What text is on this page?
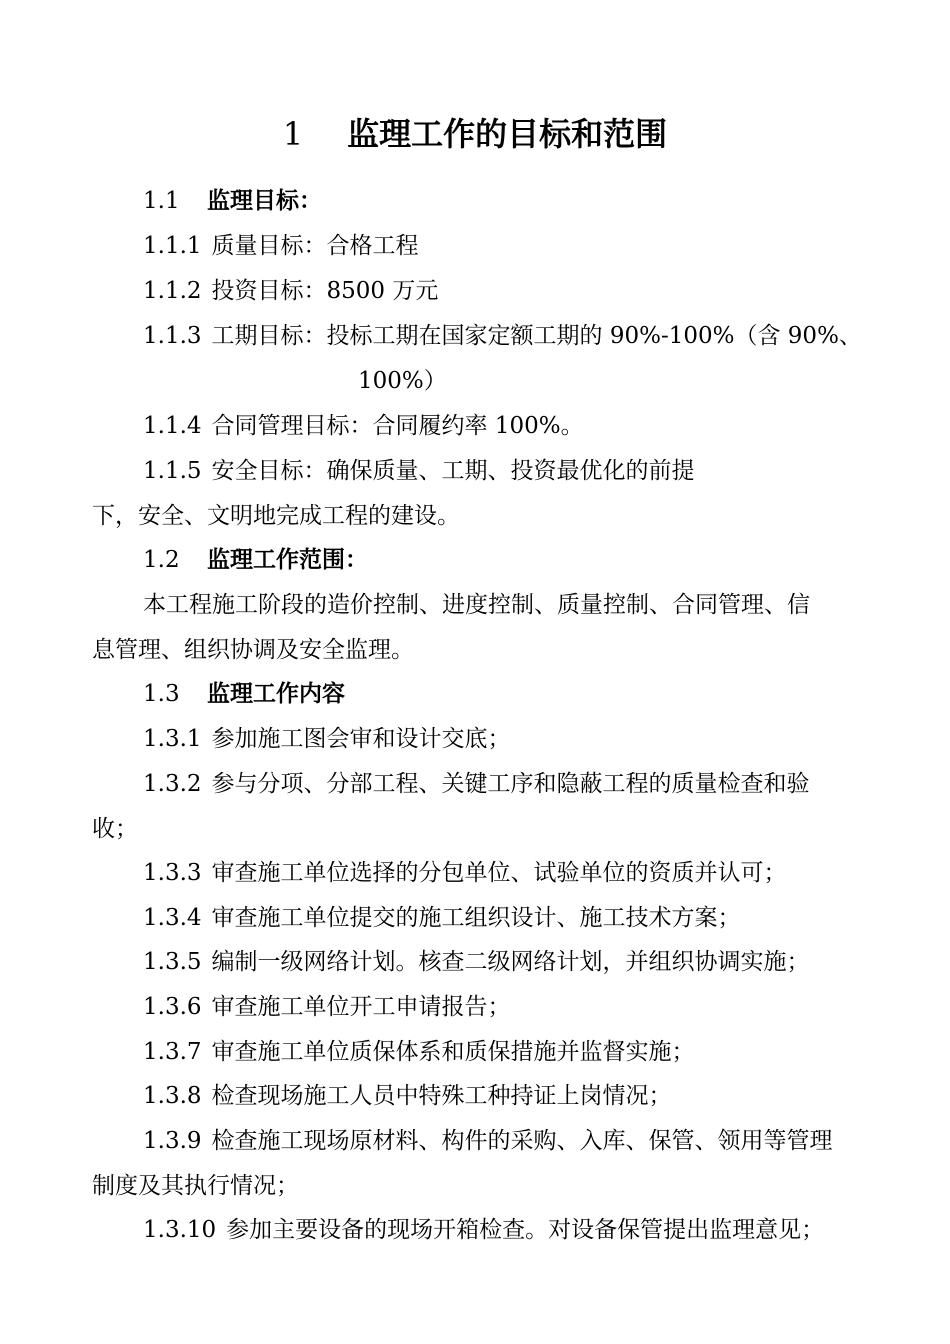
1 监理工作的目标和范围
1.1 监理目标：
1.1.1 质量目标：合格工程
1.1.2 投资目标：8500 万元
1.1.3 工期目标：投标工期在国家定额工期的 90%-100%（含 90%、
100%）
1.1.4 合同管理目标：合同履约率 100%。
1.1.5 安全目标：确保质量、工期、投资最优化的前提
下，安全、文明地完成工程的建设。
1.2 监理工作范围：
本工程施工阶段的造价控制、进度控制、质量控制、合同管理、信
息管理、组织协调及安全监理。
1.3 监理工作内容
1.3.1 参加施工图会审和设计交底；
1.3.2 参与分项、分部工程、关键工序和隐蔽工程的质量检查和验
收；
1.3.3 审查施工单位选择的分包单位、试验单位的资质并认可；
1.3.4 审查施工单位提交的施工组织设计、施工技术方案；
1.3.5 编制一级网络计划。核查二级网络计划，并组织协调实施；
1.3.6 审查施工单位开工申请报告；
1.3.7 审查施工单位质保体系和质保措施并监督实施；
1.3.8 检查现场施工人员中特殊工种持证上岗情况；
1.3.9 检查施工现场原材料、构件的采购、入库、保管、领用等管理
制度及其执行情况；
1.3.10 参加主要设备的现场开箱检查。对设备保管提出监理意见；
